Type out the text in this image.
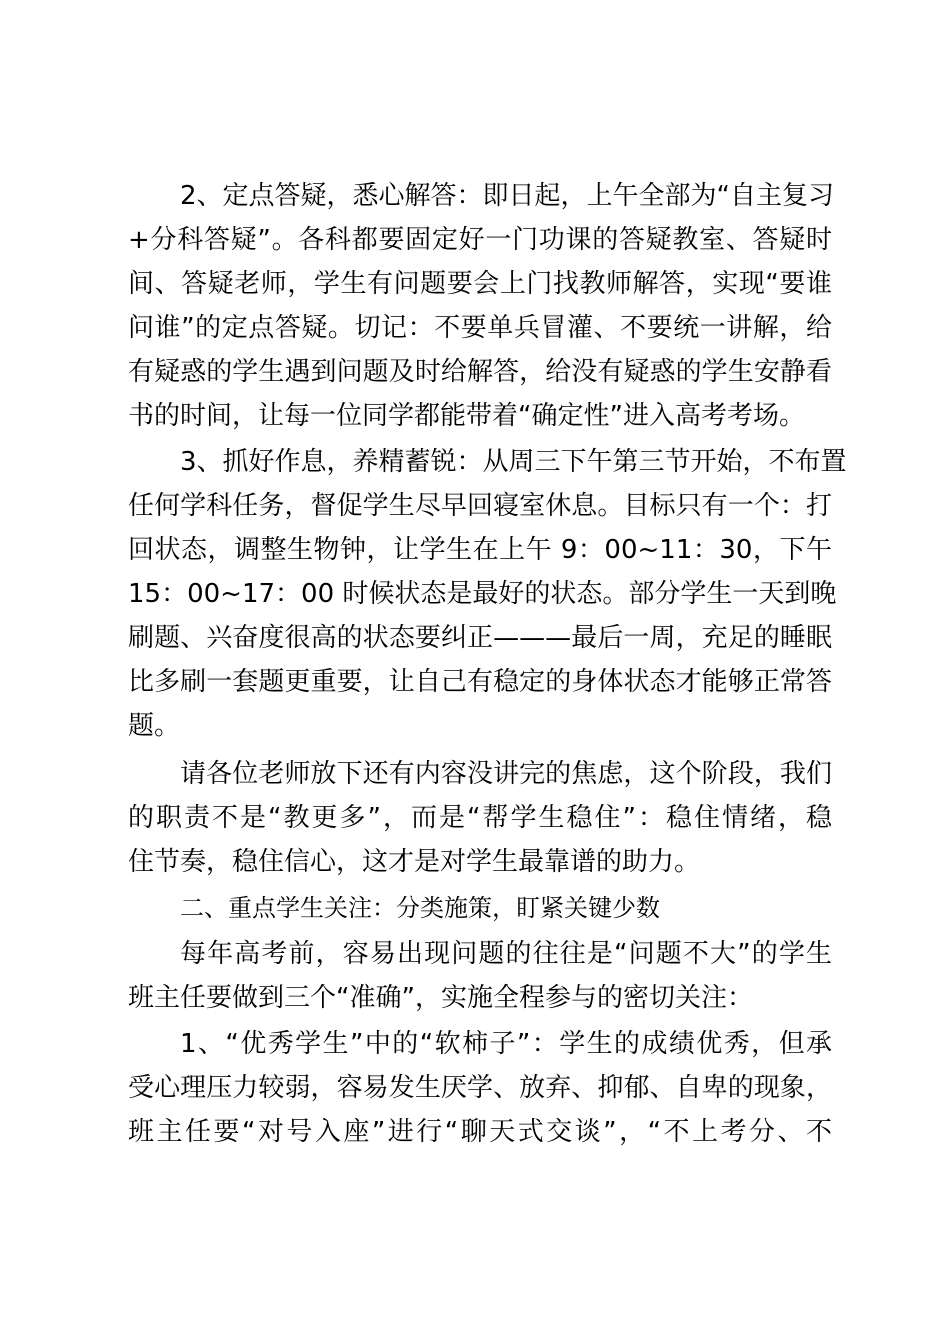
2、定点答疑，悉心解答：即日起，上午全部为“自主复习
+分科答疑”。各科都要固定好一门功课的答疑教室、答疑时
间、答疑老师，学生有问题要会上门找教师解答，实现“要谁
问谁”的定点答疑。切记：不要单兵冒灌、不要统一讲解，给
有疑惑的学生遇到问题及时给解答，给没有疑惑的学生安静看
书的时间，让每一位同学都能带着“确定性”进入高考考场。
3、抓好作息，养精蓄锐：从周三下午第三节开始，不布置
任何学科任务，督促学生尽早回寝室休息。目标只有一个：打
回状态，调整生物钟，让学生在上午 9：00~11：30，下午
15：00~17：00 时候状态是最好的状态。部分学生一天到晚
刷题、兴奋度很高的状态要纠正———最后一周，充足的睡眠
比多刷一套题更重要，让自己有稳定的身体状态才能够正常答
题。
请各位老师放下还有内容没讲完的焦虑，这个阶段，我们
的职责不是“教更多”，而是“帮学生稳住”：稳住情绪，稳
住节奏，稳住信心，这才是对学生最靠谱的助力。
二、重点学生关注：分类施策，盯紧关键少数
每年高考前，容易出现问题的往往是“问题不大”的学生
班主任要做到三个“准确”，实施全程参与的密切关注：
1、“优秀学生”中的“软柿子”：学生的成绩优秀，但承
受心理压力较弱，容易发生厌学、放弃、抑郁、自卑的现象，
班主任要“对号入座”进行“聊天式交谈”，“不上考分、不
